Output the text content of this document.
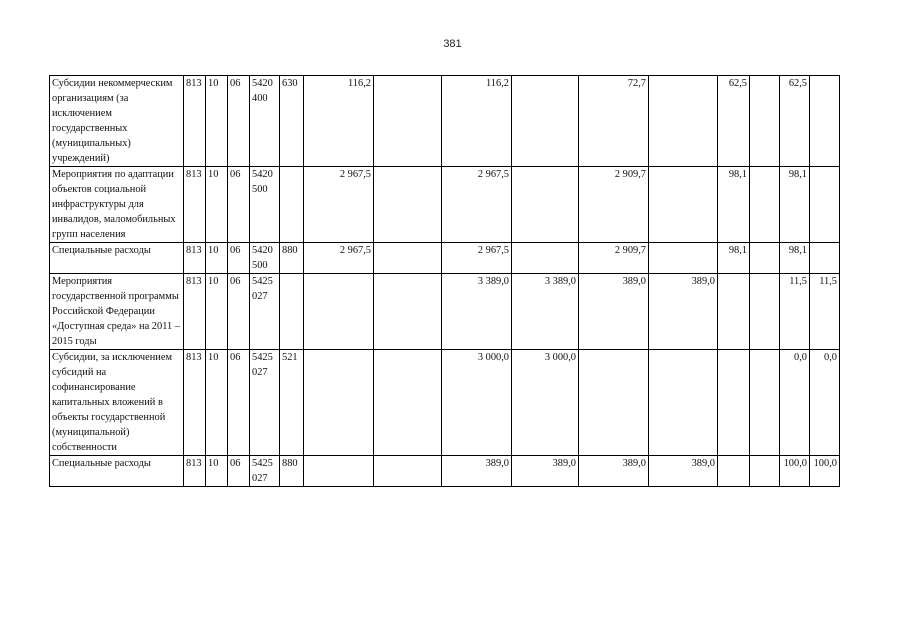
381
Субсидии некоммерческим организациям (за исключением государственных (муниципальных) учреждений)	813	10	06	5420 400	630	116,2		116,2		72,7		62,5		62,5	
Мероприятия по адаптации объектов социальной инфраструктуры для инвалидов, маломобильных групп населения	813	10	06	5420 500		2 967,5		2 967,5		2 909,7		98,1		98,1	
Специальные расходы	813	10	06	5420 500	880	2 967,5		2 967,5		2 909,7		98,1		98,1	
Мероприятия государственной программы Российской Федерации «Доступная среда» на 2011 – 2015 годы	813	10	06	5425 027				3 389,0	3 389,0	389,0	389,0			11,5	11,5
Субсидии, за исключением субсидий на софинансирование капитальных вложений в объекты государственной (муниципальной) собственности	813	10	06	5425 027	521			3 000,0	3 000,0					0,0	0,0
Специальные расходы	813	10	06	5425 027	880			389,0	389,0	389,0	389,0			100,0	100,0
